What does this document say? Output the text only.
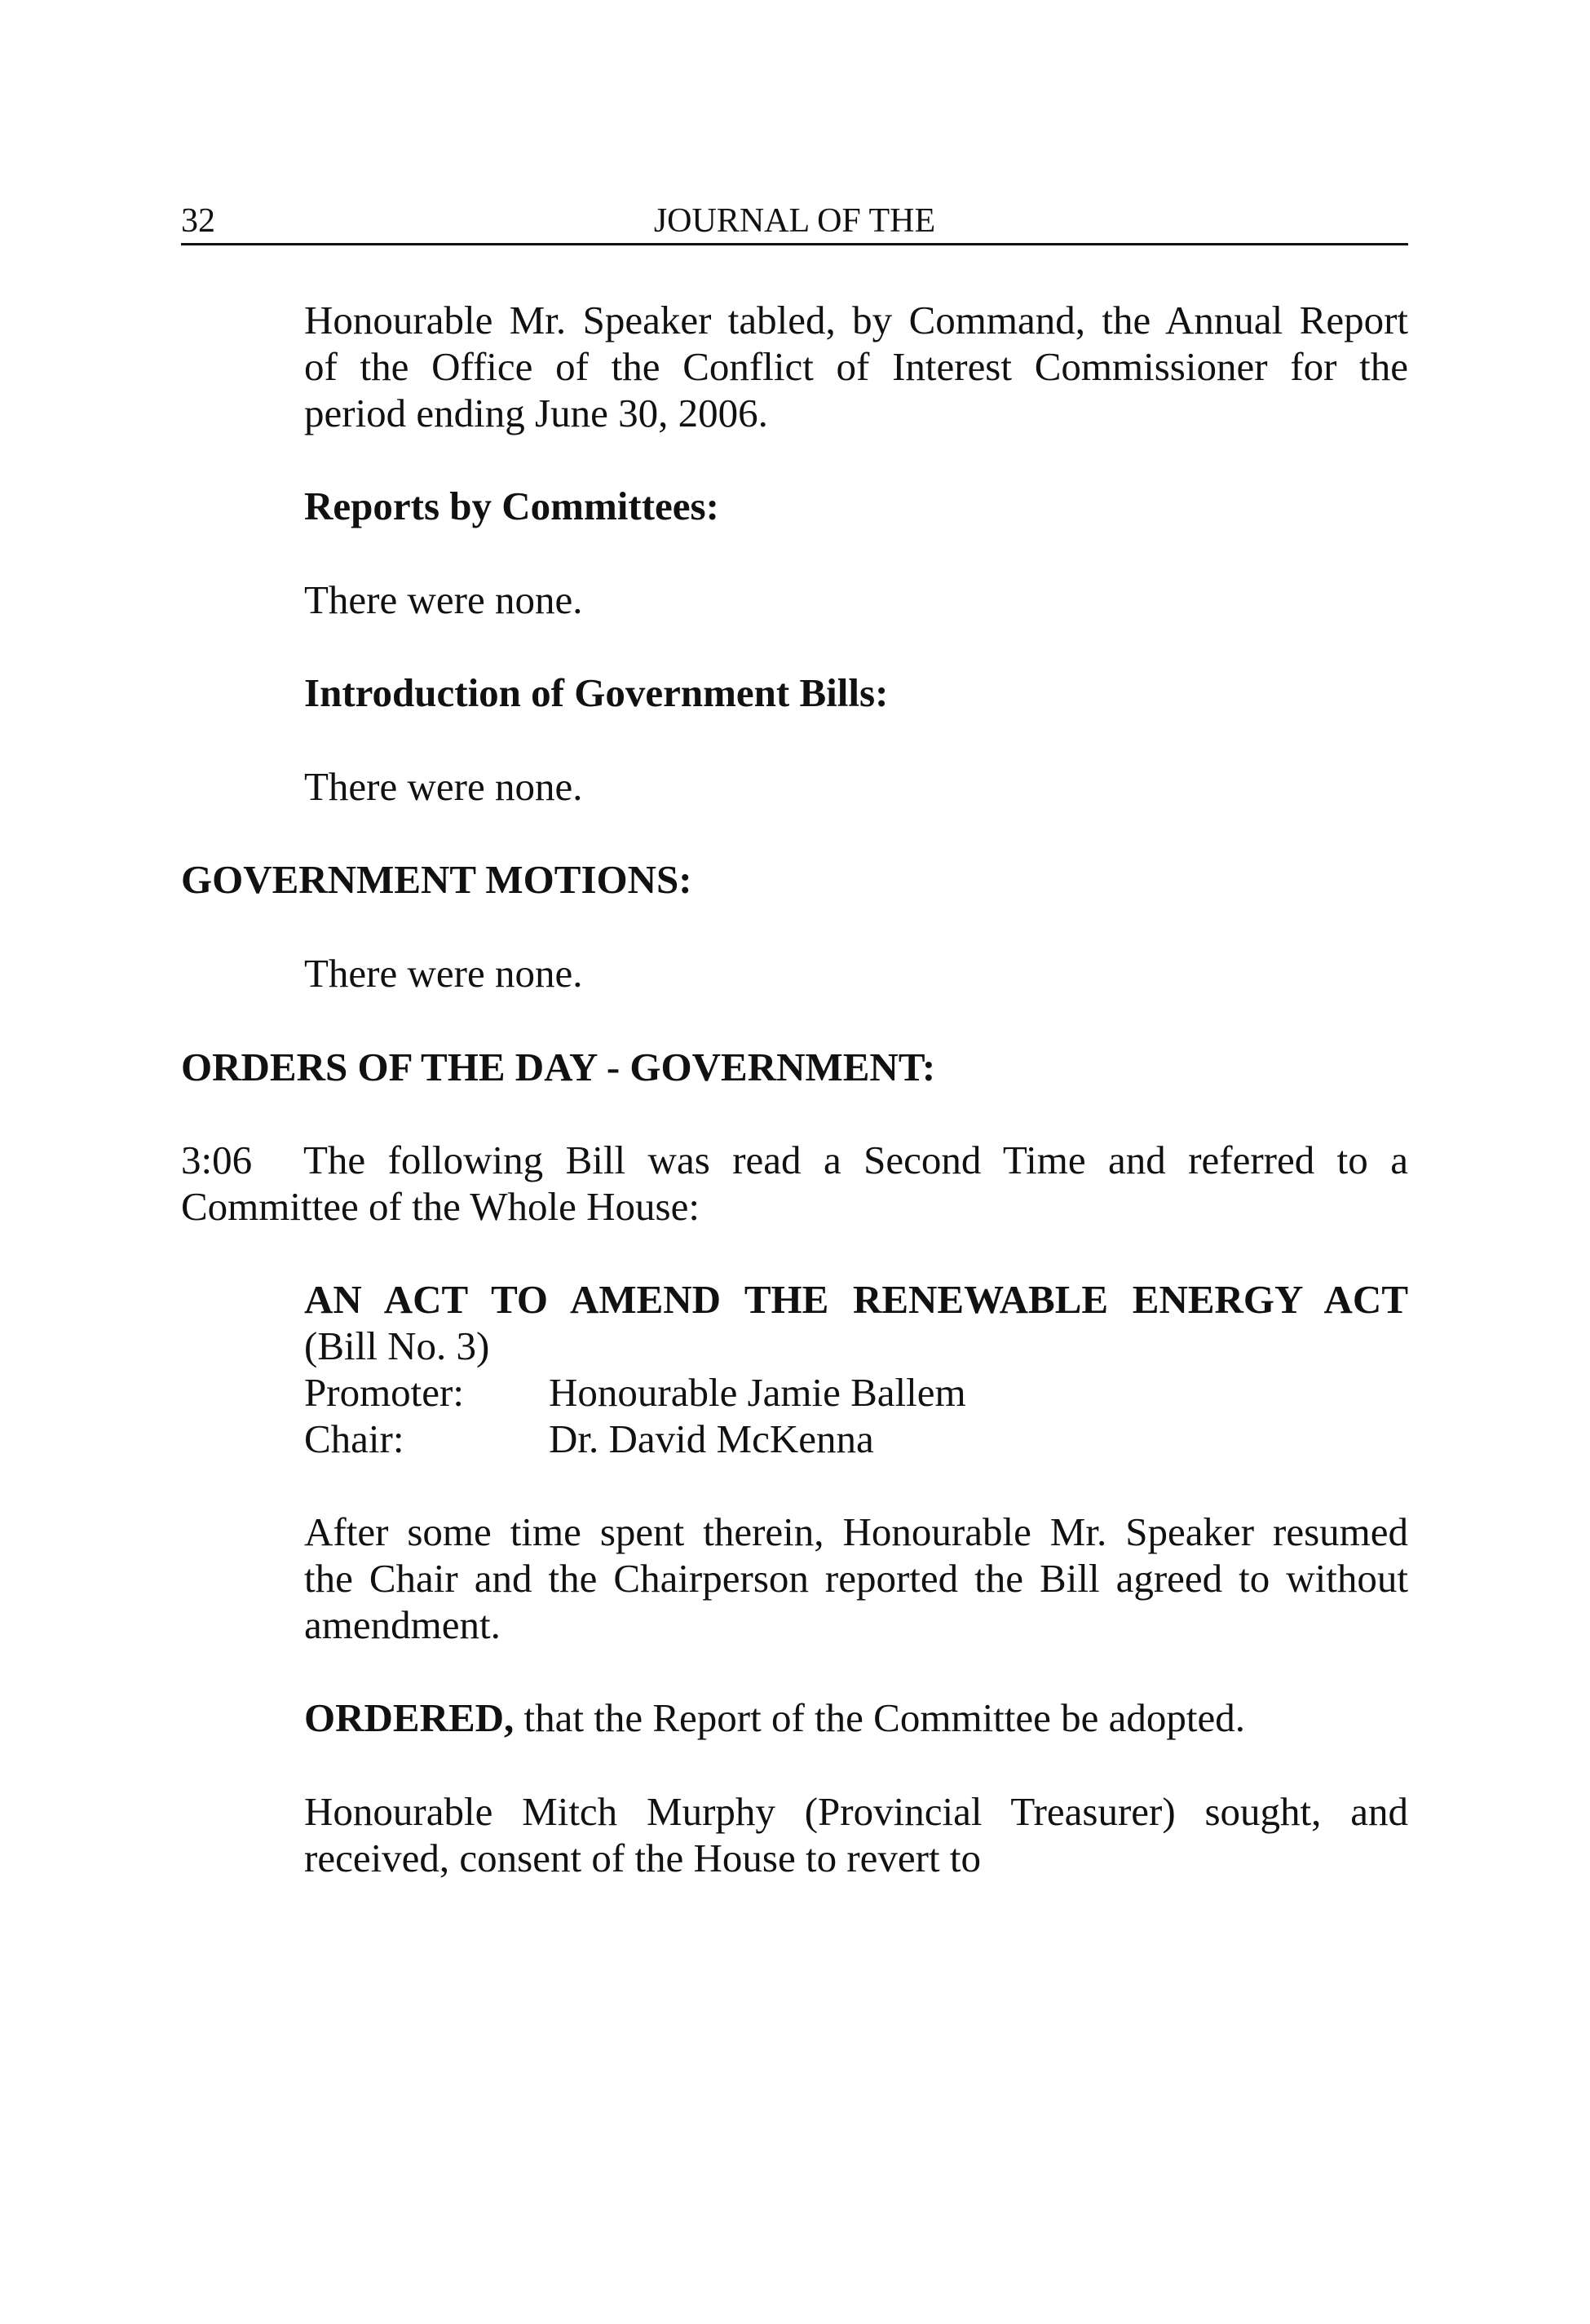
32	JOURNAL OF THE

Honourable Mr. Speaker tabled, by Command, the Annual Report
of the Office of the Conflict of Interest Commissioner for the
period ending June 30, 2006.

Reports by Committees:

There were none.

Introduction of Government Bills:

There were none.

GOVERNMENT MOTIONS:

There were none.

ORDERS OF THE DAY - GOVERNMENT:

3:06 The following Bill was read a Second Time and referred to a
Committee of the Whole House:

AN ACT TO AMEND THE RENEWABLE ENERGY ACT
(Bill No. 3)
Promoter: Honourable Jamie Ballem
Chair:	Dr. David McKenna

After some time spent therein, Honourable Mr. Speaker resumed
the Chair and the Chairperson reported the Bill agreed to without
amendment.

ORDERED, that the Report of the Committee be adopted.

Honourable Mitch Murphy (Provincial Treasurer) sought, and
received, consent of the House to revert to
